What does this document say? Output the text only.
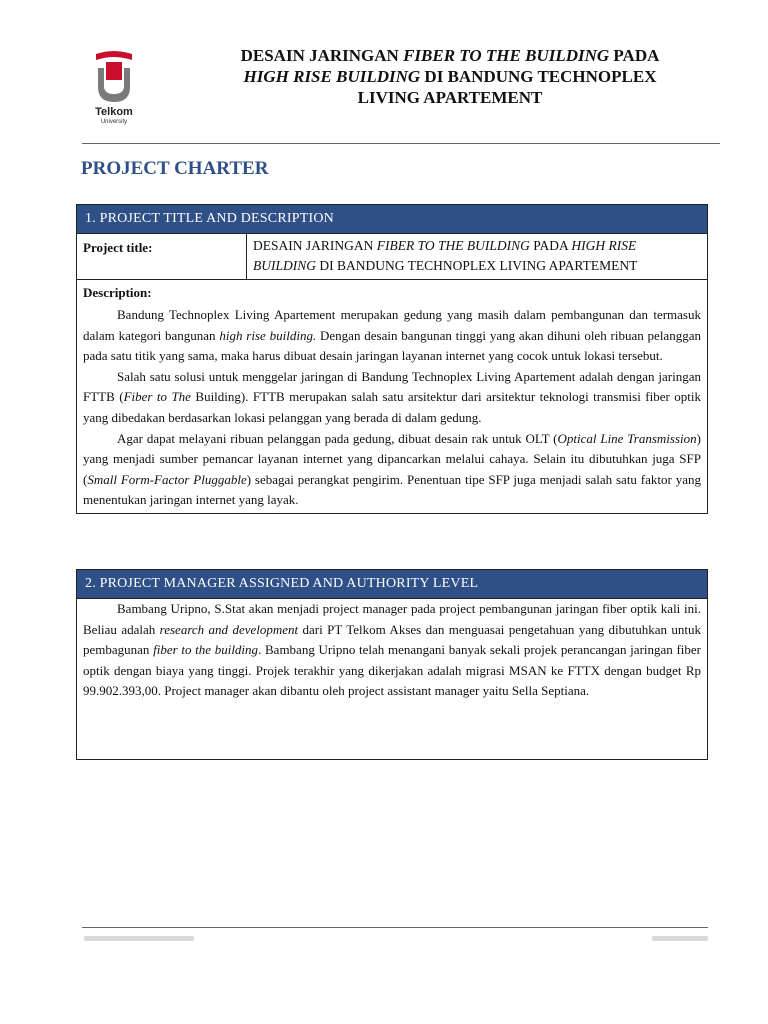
Telkom
University
DESAIN JARINGAN FIBER TO THE BUILDING PADA
HIGH RISE BUILDING DI BANDUNG TECHNOPLEX
LIVING APARTEMENT
PROJECT CHARTER
1. PROJECT TITLE AND DESCRIPTION
Project title:	DESAIN JARINGAN FIBER TO THE BUILDING PADA HIGH RISE BUILDING DI BANDUNG TECHNOPLEX LIVING APARTEMENT
Description:

Bandung Technoplex Living Apartement merupakan gedung yang masih dalam pembangunan dan termasuk dalam kategori bangunan high rise building. Dengan desain bangunan tinggi yang akan dihuni oleh ribuan pelanggan pada satu titik yang sama, maka harus dibuat desain jaringan layanan internet yang cocok untuk lokasi tersebut.

Salah satu solusi untuk menggelar jaringan di Bandung Technoplex Living Apartement adalah dengan jaringan FTTB (Fiber to The Building). FTTB merupakan salah satu arsitektur dari arsitektur teknologi transmisi fiber optik yang dibedakan berdasarkan lokasi pelanggan yang berada di dalam gedung.

Agar dapat melayani ribuan pelanggan pada gedung, dibuat desain rak untuk OLT (Optical Line Transmission) yang menjadi sumber pemancar layanan internet yang dipancarkan melalui cahaya. Selain itu dibutuhkan juga SFP (Small Form-Factor Pluggable) sebagai perangkat pengirim. Penentuan tipe SFP juga menjadi salah satu faktor yang menentukan jaringan internet yang layak.

2. PROJECT MANAGER ASSIGNED AND AUTHORITY LEVEL

Bambang Uripno, S.Stat akan menjadi project manager pada project pembangunan jaringan fiber optik kali ini. Beliau adalah research and development dari PT Telkom Akses dan menguasai pengetahuan yang dibutuhkan untuk pembagunan fiber to the building. Bambang Uripno telah menangani banyak sekali projek perancangan jaringan fiber optik dengan biaya yang tinggi. Projek terakhir yang dikerjakan adalah migrasi MSAN ke FTTX dengan budget Rp 99.902.393,00. Project manager akan dibantu oleh project assistant manager yaitu Sella Septiana.
